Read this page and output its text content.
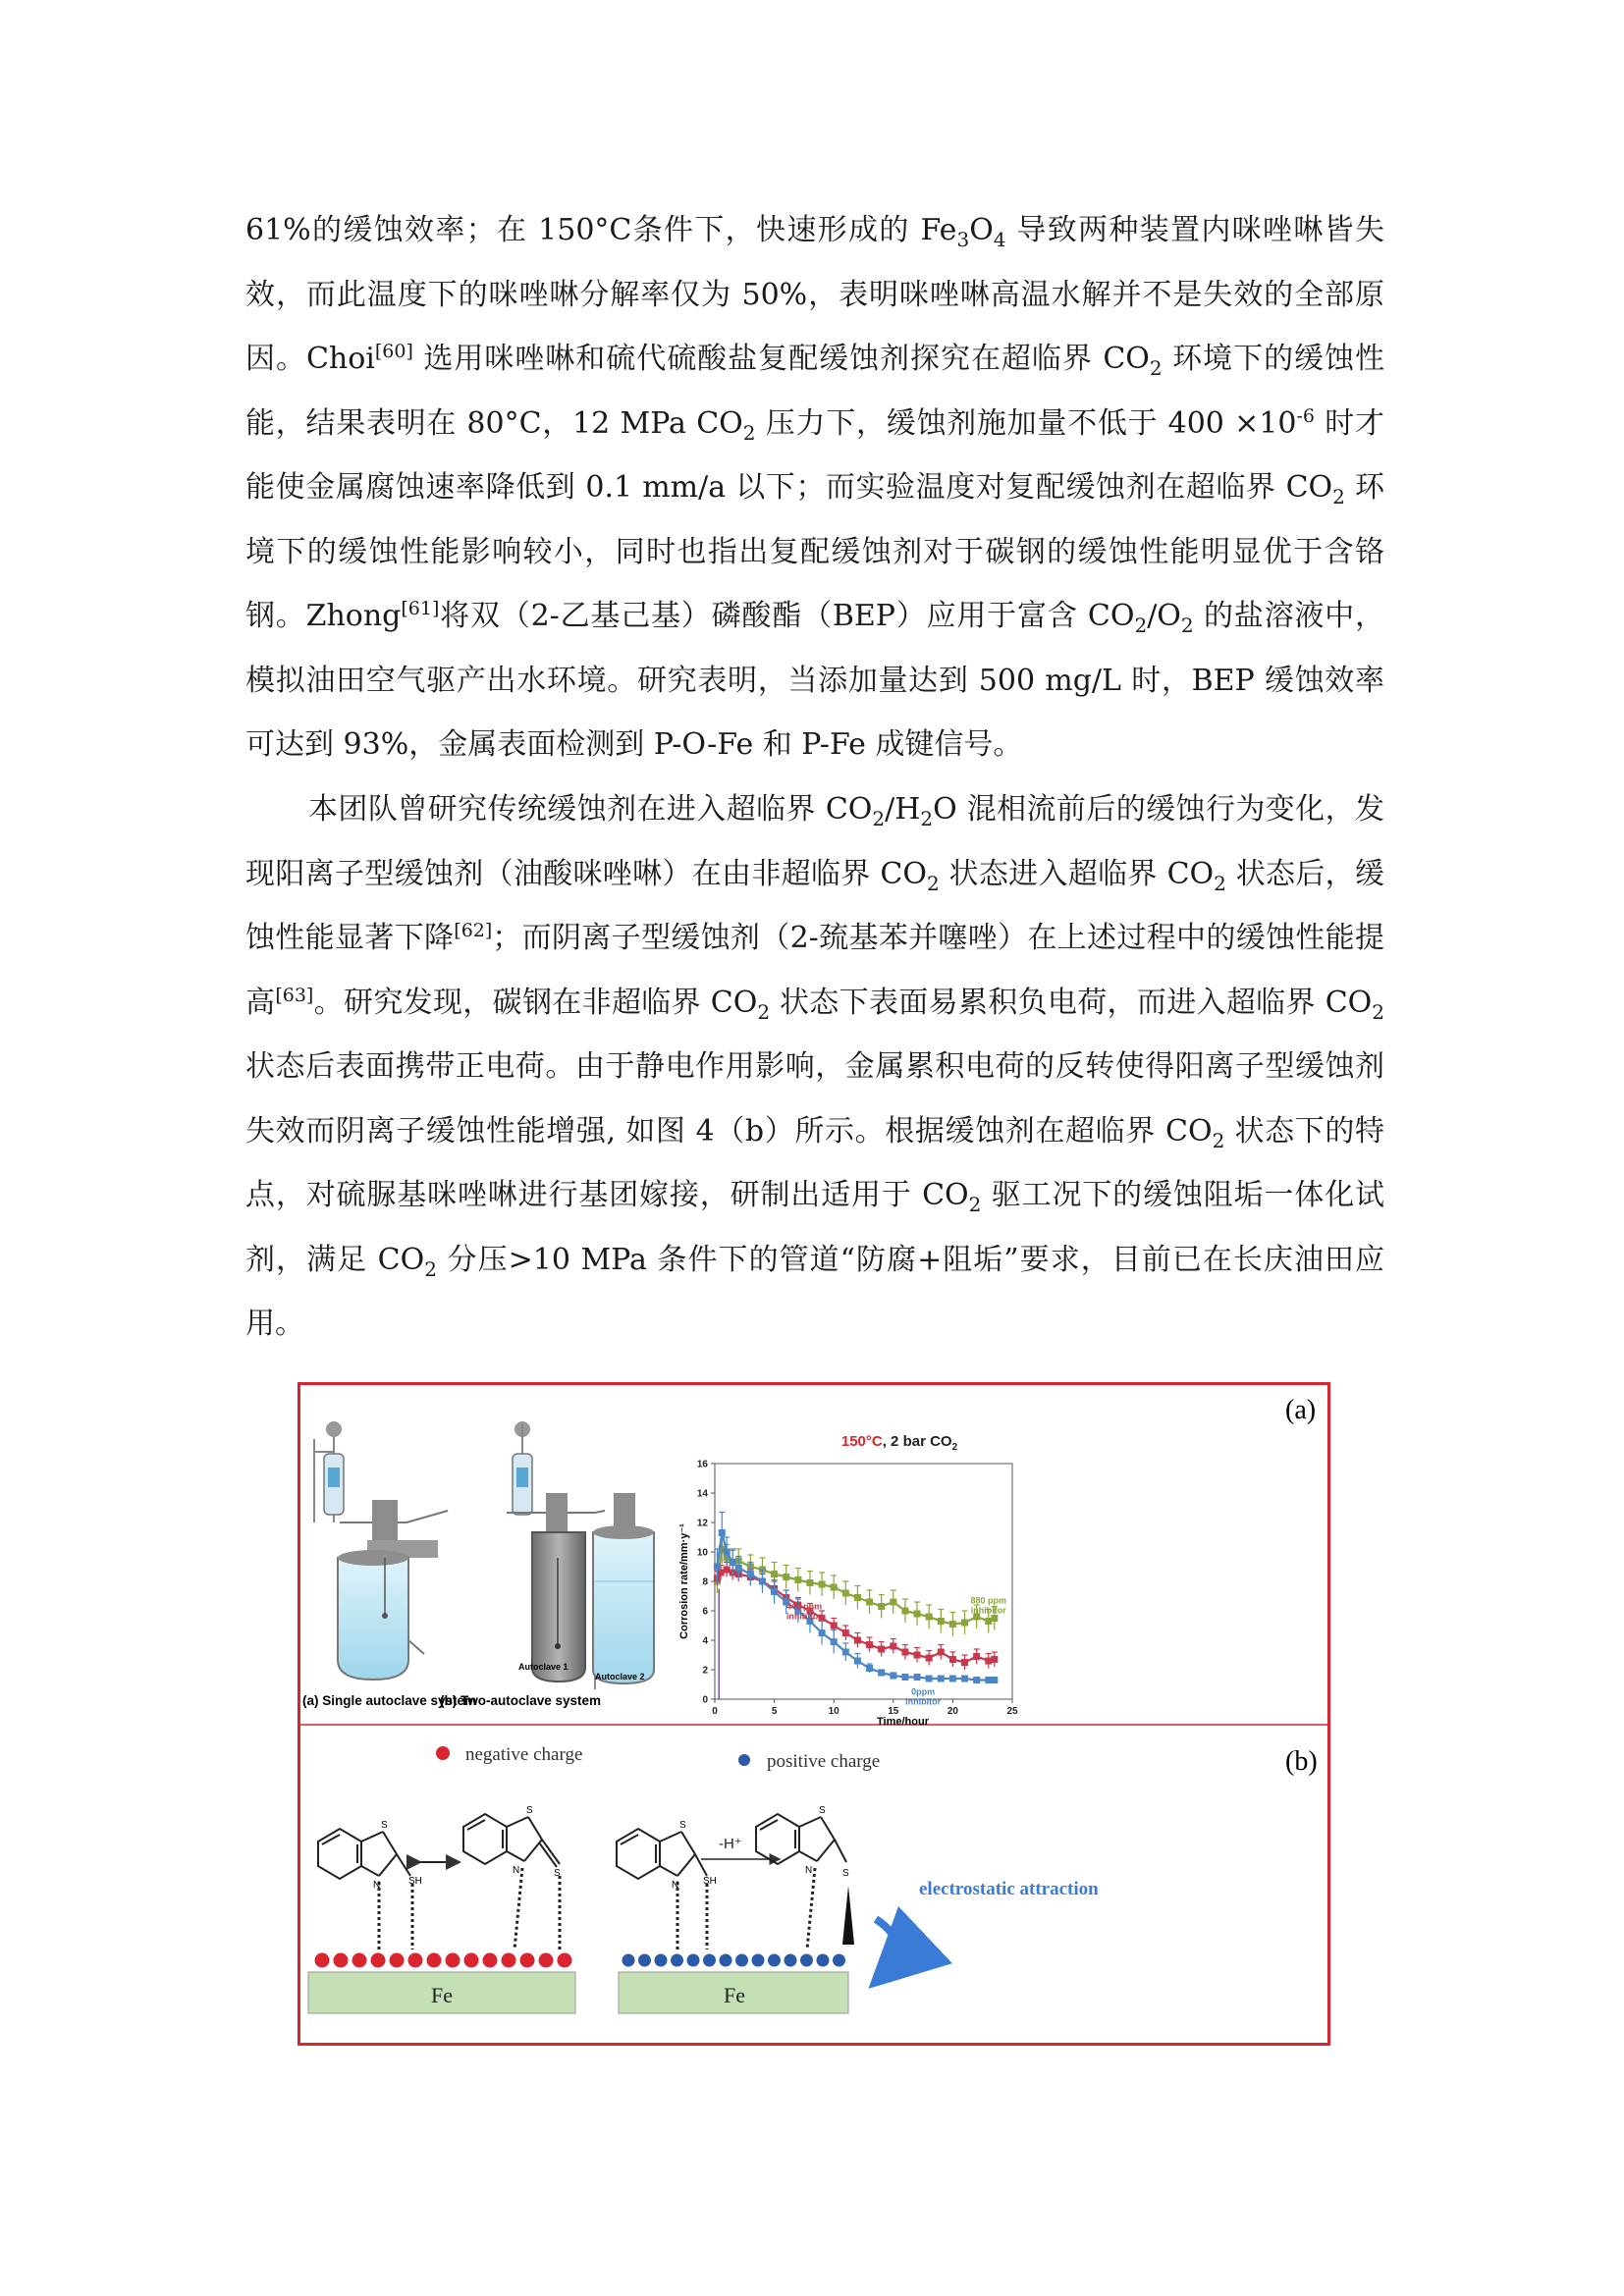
61%的缓蚀效率；在 150°C条件下，快速形成的 $Fe_3O_4$ 导致两种装置内咪唑啉皆失效，而此温度下的咪唑啉分解率仅为 50%，表明咪唑啉高温水解并不是失效的全部原因。Choi[60] 选用咪唑啉和硫代硫酸盐复配缓蚀剂探究在超临界 $CO_2$ 环境下的缓蚀性能，结果表明在 80°C，12 MPa $CO_2$ 压力下，缓蚀剂施加量不低于 $400 \times 10^{-6}$ 时才能使金属腐蚀速率降低到 0.1 mm/a 以下；而实验温度对复配缓蚀剂在超临界 $CO_2$ 环境下的缓蚀性能影响较小，同时也指出复配缓蚀剂对于碳钢的缓蚀性能明显优于含铬钢。Zhong[61]将双（2-乙基己基）磷酸酯（BEP）应用于富含 $CO_2/O_2$ 的盐溶液中，模拟油田空气驱产出水环境。研究表明，当添加量达到 500 mg/L 时，BEP 缓蚀效率可达到 93%，金属表面检测到 P-O-Fe 和 P-Fe 成键信号。

本团队曾研究传统缓蚀剂在进入超临界 $CO_2/H_2O$ 混相流前后的缓蚀行为变化，发现阳离子型缓蚀剂（油酸咪唑啉）在由非超临界 $CO_2$ 状态进入超临界 $CO_2$ 状态后，缓蚀性能显著下降[62]；而阴离子型缓蚀剂（2-巯基苯并噻唑）在上述过程中的缓蚀性能提高[63]。研究发现，碳钢在非超临界 $CO_2$ 状态下表面易累积负电荷，而进入超临界 $CO_2$ 状态后表面携带正电荷。由于静电作用影响，金属累积电荷的反转使得阳离子型缓蚀剂失效而阴离子缓蚀性能增强, 如图 4（b）所示。根据缓蚀剂在超临界 $CO_2$ 状态下的特点，对硫脲基咪唑啉进行基团嫁接，研制出适用于 $CO_2$ 驱工况下的缓蚀阻垢一体化试剂，满足 $CO_2$ 分压>10 MPa 条件下的管道“防腐+阻垢”要求，目前已在长庆油田应用。

(a)
(a) Single autoclave system
Autoclave 1
Autoclave 2
(b) Two-autoclave system
150°C, 2 bar $CO_2$
0
2
4
6
8
10
12
14
16
0	5	10	15	20	25
Time/hour
Corrosion rate/mm·y⁻¹	880 ppm
inhibitor
440 ppm
inhibitor
0ppm
inhibitor
(b)
negative charge	positive charge
S
N	SH
S
N	S
Fe
S
N SH
-H⁺
S
N	S
electrostatic attraction
Fe
